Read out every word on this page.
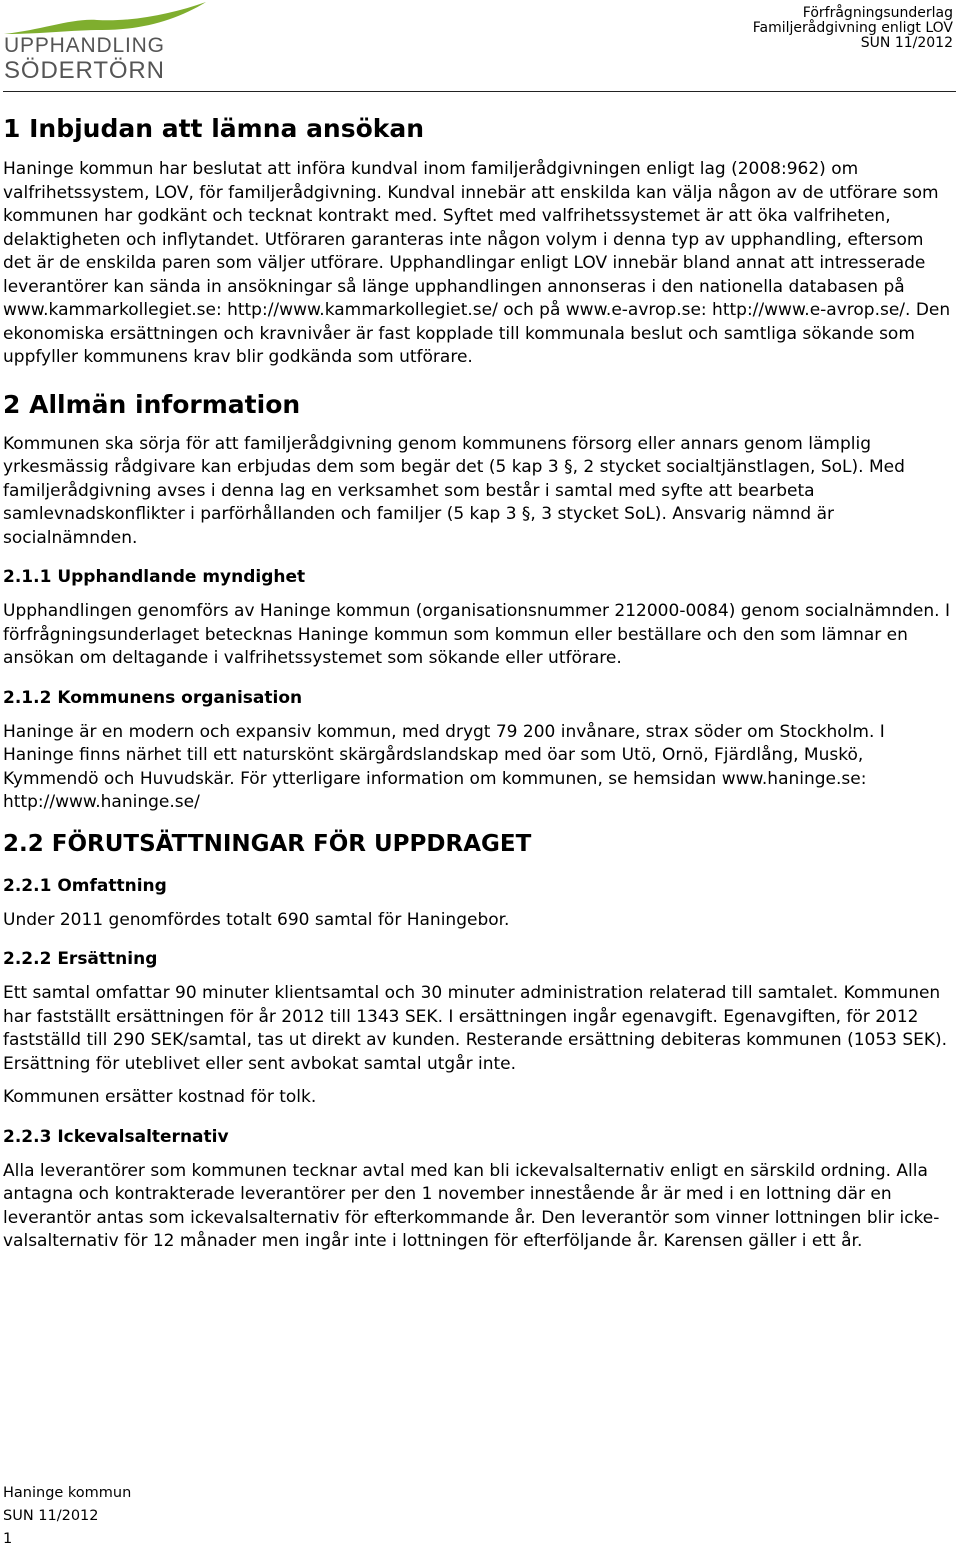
UPPHANDLING
SÖDERTÖRN
Förfrågningsunderlag
Familjerådgivning enligt LOV
SUN 11/2012
1 Inbjudan att lämna ansökan

Haninge kommun har beslutat att införa kundval inom familjerådgivningen enligt lag (2008:962) om valfrihetssystem, LOV, för familjerådgivning. Kundval innebär att enskilda kan välja någon av de utförare som kommunen har godkänt och tecknat kontrakt med. Syftet med valfrihetssystemet är att öka valfriheten, delaktigheten och inflytandet. Utföraren garanteras inte någon volym i denna typ av upphandling, eftersom det är de enskilda paren som väljer utförare. Upphandlingar enligt LOV innebär bland annat att intresserade leverantörer kan sända in ansökningar så länge upphandlingen annonseras i den nationella databasen på www.kammarkollegiet.se: http://www.kammarkollegiet.se/ och på www.e-avrop.se: http://www.e-avrop.se/. Den ekonomiska ersättningen och kravnivåer är fast kopplade till kommunala beslut och samtliga sökande som uppfyller kommunens krav blir godkända som utförare.

2 Allmän information

Kommunen ska sörja för att familjerådgivning genom kommunens försorg eller annars genom lämplig yrkesmässig rådgivare kan erbjudas dem som begär det (5 kap 3 §, 2 stycket socialtjänstlagen, SoL). Med familjerådgivning avses i denna lag en verksamhet som består i samtal med syfte att bearbeta samlevnadskonflikter i parförhållanden och familjer (5 kap 3 §, 3 stycket SoL). Ansvarig nämnd är socialnämnden.

2.1.1 Upphandlande myndighet

Upphandlingen genomförs av Haninge kommun (organisationsnummer 212000-0084) genom socialnämnden. I förfrågningsunderlaget betecknas Haninge kommun som kommun eller beställare och den som lämnar en ansökan om deltagande i valfrihetssystemet som sökande eller utförare.

2.1.2 Kommunens organisation

Haninge är en modern och expansiv kommun, med drygt 79 200 invånare, strax söder om Stockholm. I Haninge finns närhet till ett naturskönt skärgårdslandskap med öar som Utö, Ornö, Fjärdlång, Muskö, Kymmendö och Huvudskär. För ytterligare information om kommunen, se hemsidan www.haninge.se: http://www.haninge.se/

2.2 FÖRUTSÄTTNINGAR FÖR UPPDRAGET
2.2.1 Omfattning

Under 2011 genomfördes totalt 690 samtal för Haningebor.

2.2.2 Ersättning

Ett samtal omfattar 90 minuter klientsamtal och 30 minuter administration relaterad till samtalet. Kommunen har fastställt ersättningen för år 2012 till 1343 SEK. I ersättningen ingår egenavgift. Egenavgiften, för 2012 fastställd till 290 SEK/samtal, tas ut direkt av kunden. Resterande ersättning debiteras kommunen (1053 SEK). Ersättning för uteblivet eller sent avbokat samtal utgår inte.

Kommunen ersätter kostnad för tolk.

2.2.3 Ickevalsalternativ

Alla leverantörer som kommunen tecknar avtal med kan bli ickevalsalternativ enligt en särskild ordning. Alla antagna och kontrakterade leverantörer per den 1 november innestående år är med i en lottning där en leverantör antas som ickevalsalternativ för efterkommande år. Den leverantör som vinner lottningen blir icke-valsalternativ för 12 månader men ingår inte i lottningen för efterföljande år. Karensen gäller i ett år.

Haninge kommun
SUN 11/2012
1
